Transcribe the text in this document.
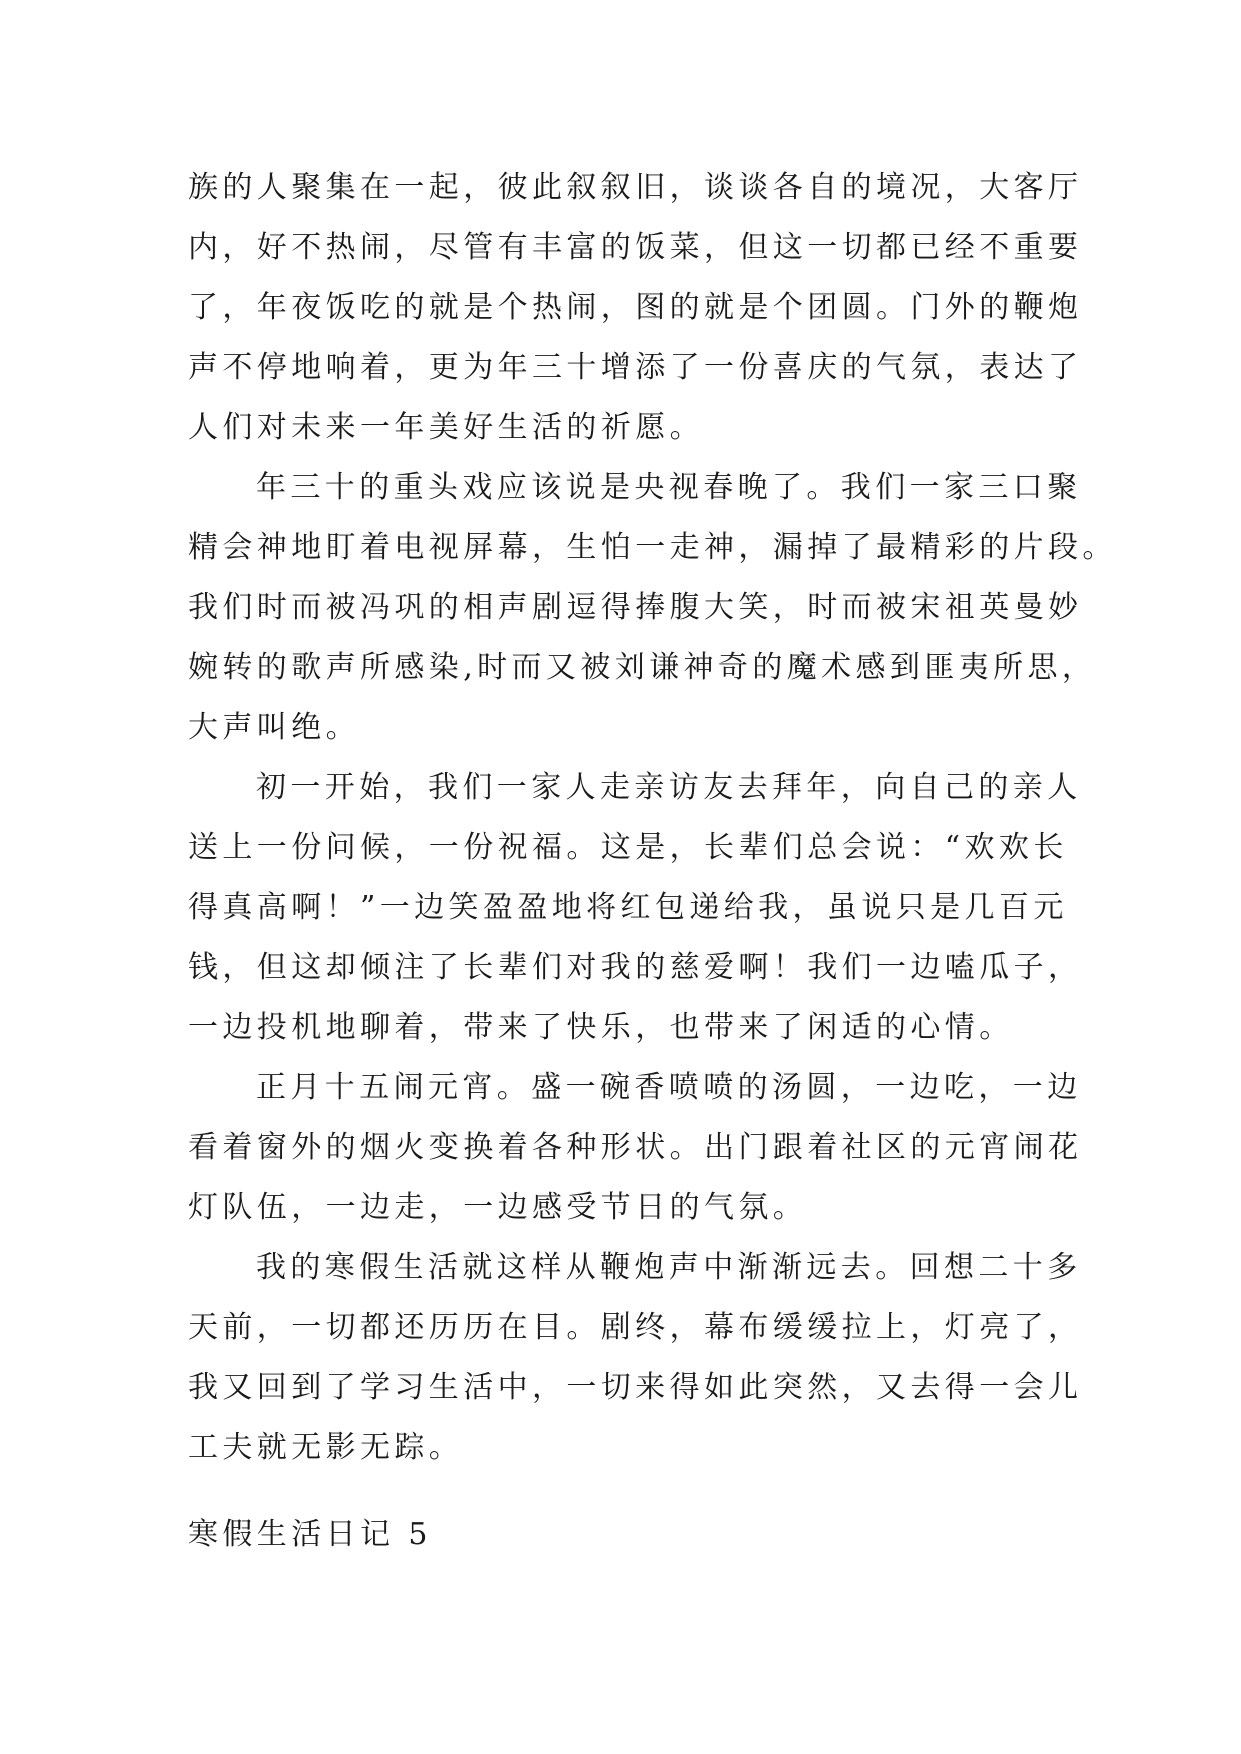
族的人聚集在一起，彼此叙叙旧，谈谈各自的境况，大客厅
内，好不热闹，尽管有丰富的饭菜，但这一切都已经不重要
了，年夜饭吃的就是个热闹，图的就是个团圆。门外的鞭炮
声不停地响着，更为年三十增添了一份喜庆的气氛，表达了
人们对未来一年美好生活的祈愿。

年三十的重头戏应该说是央视春晚了。我们一家三口聚
精会神地盯着电视屏幕，生怕一走神，漏掉了最精彩的片段。
我们时而被冯巩的相声剧逗得捧腹大笑，时而被宋祖英曼妙
婉转的歌声所感染,时而又被刘谦神奇的魔术感到匪夷所思，
大声叫绝。

初一开始，我们一家人走亲访友去拜年，向自己的亲人
送上一份问候，一份祝福。这是，长辈们总会说：“欢欢长
得真高啊！”一边笑盈盈地将红包递给我，虽说只是几百元
钱，但这却倾注了长辈们对我的慈爱啊！我们一边嗑瓜子，
一边投机地聊着，带来了快乐，也带来了闲适的心情。

正月十五闹元宵。盛一碗香喷喷的汤圆，一边吃，一边
看着窗外的烟火变换着各种形状。出门跟着社区的元宵闹花
灯队伍，一边走，一边感受节日的气氛。

我的寒假生活就这样从鞭炮声中渐渐远去。回想二十多
天前，一切都还历历在目。剧终，幕布缓缓拉上，灯亮了，
我又回到了学习生活中，一切来得如此突然，又去得一会儿
工夫就无影无踪。

寒假生活日记 5
